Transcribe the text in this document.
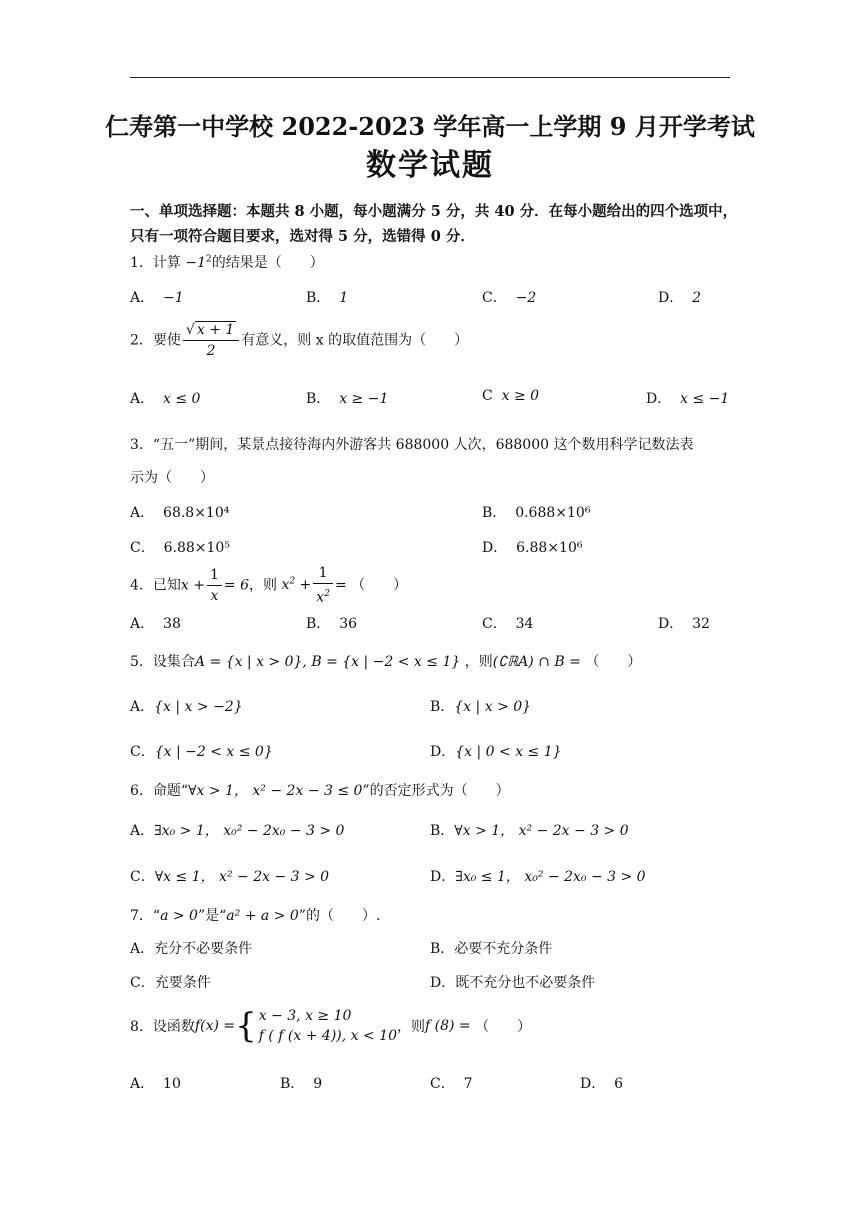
仁寿第一中学校 2022-2023 学年高一上学期 9 月开学考试
数学试题
一、单项选择题：本题共 8 小题，每小题满分 5 分，共 40 分．在每小题给出的四个选项中，只有一项符合题目要求，选对得 5 分，选错得 0 分．
1．计算 $-1^2$的结果是（　　）
A． −1	B． 1	C． −2	D． 2
2．要使 $\frac{√ x + 1}{2}$ 有意义，则 x 的取值范围为（　　）
A． x ≤ 0	B． x ≥ −1	C x ≥ 0	D． x ≤ −1
3．“五一”期间，某景点接待海内外游客共 688000 人次，688000 这个数用科学记数法表
示为（　　）
A． 68.8×10⁴	B． 0.688×10⁶
C． 6.88×10⁵	D． 6.88×10⁶
4．已知$x + \frac{1}{x} = 6$，则 $x^2 + \frac{1}{x^2}$ = （　　）
A． 38	B． 36	C． 34	D． 32
5．设集合A = {x | x > 0}, B = {x | −2 < x ≤ 1} ，则(∁ℝA) ∩ B = （　　）
A．{x | x > −2}	B．{x | x > 0}
C．{x | −2 < x ≤ 0}	D．{x | 0 < x ≤ 1}
6．命题“∀x > 1， x² − 2x − 3 ≤ 0”的否定形式为（　　）
A．∃x₀ > 1， x₀² − 2x₀ − 3 > 0	B．∀x > 1， x² − 2x − 3 > 0
C．∀x ≤ 1， x² − 2x − 3 > 0	D．∃x₀ ≤ 1， x₀² − 2x₀ − 3 > 0
7．“a > 0”是“a² + a > 0”的（　　）.
A．充分不必要条件	B．必要不充分条件
C．充要条件	D．既不充分也不必要条件
8．设函数f(x) ={ x − 3, x ≥ 10
f ( f (x + 4)), x < 10
，则f (8) = （　　）
A． 10	B． 9	C． 7	D． 6
